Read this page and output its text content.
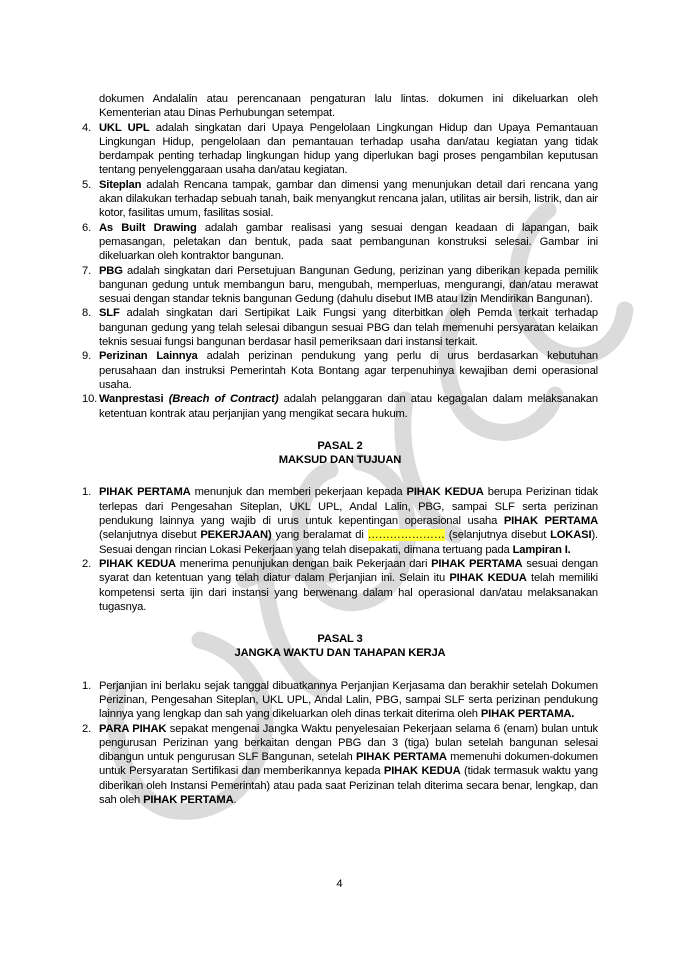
dokumen Andalalin atau perencanaan pengaturan lalu lintas. dokumen ini dikeluarkan oleh Kementerian atau Dinas Perhubungan setempat.
4. UKL UPL adalah singkatan dari Upaya Pengelolaan Lingkungan Hidup dan Upaya Pemantauan Lingkungan Hidup, pengelolaan dan pemantauan terhadap usaha dan/atau kegiatan yang tidak berdampak penting terhadap lingkungan hidup yang diperlukan bagi proses pengambilan keputusan tentang penyelenggaraan usaha dan/atau kegiatan.
5. Siteplan adalah Rencana tampak, gambar dan dimensi yang menunjukan detail dari rencana yang akan dilakukan terhadap sebuah tanah, baik menyangkut rencana jalan, utilitas air bersih, listrik, dan air kotor, fasilitas umum, fasilitas sosial.
6. As Built Drawing adalah gambar realisasi yang sesuai dengan keadaan di lapangan, baik pemasangan, peletakan dan bentuk, pada saat pembangunan konstruksi selesai. Gambar ini dikeluarkan oleh kontraktor bangunan.
7. PBG adalah singkatan dari Persetujuan Bangunan Gedung, perizinan yang diberikan kepada pemilik bangunan gedung untuk membangun baru, mengubah, memperluas, mengurangi, dan/atau merawat sesuai dengan standar teknis bangunan Gedung (dahulu disebut IMB atau Izin Mendirikan Bangunan).
8. SLF adalah singkatan dari Sertipikat Laik Fungsi yang diterbitkan oleh Pemda terkait terhadap bangunan gedung yang telah selesai dibangun sesuai PBG dan telah memenuhi persyaratan kelaikan teknis sesuai fungsi bangunan berdasar hasil pemeriksaan dari instansi terkait.
9. Perizinan Lainnya adalah perizinan pendukung yang perlu di urus berdasarkan kebutuhan perusahaan dan instruksi Pemerintah Kota Bontang agar terpenuhinya kewajiban demi operasional usaha.
10. Wanprestasi (Breach of Contract) adalah pelanggaran dan atau kegagalan dalam melaksanakan ketentuan kontrak atau perjanjian yang mengikat secara hukum.
PASAL 2
MAKSUD DAN TUJUAN
1. PIHAK PERTAMA menunjuk dan memberi pekerjaan kepada PIHAK KEDUA berupa Perizinan tidak terlepas dari Pengesahan Siteplan, UKL UPL, Andal Lalin, PBG, sampai SLF serta perizinan pendukung lainnya yang wajib di urus untuk kepentingan operasional usaha PIHAK PERTAMA (selanjutnya disebut PEKERJAAN) yang beralamat di ………………… (selanjutnya disebut LOKASI). Sesuai dengan rincian Lokasi Pekerjaan yang telah disepakati, dimana tertuang pada Lampiran I.
2. PIHAK KEDUA menerima penunjukan dengan baik Pekerjaan dari PIHAK PERTAMA sesuai dengan syarat dan ketentuan yang telah diatur dalam Perjanjian ini. Selain itu PIHAK KEDUA telah memiliki kompetensi serta ijin dari instansi yang berwenang dalam hal operasional dan/atau melaksanakan tugasnya.
PASAL 3
JANGKA WAKTU DAN TAHAPAN KERJA
1. Perjanjian ini berlaku sejak tanggal dibuatkannya Perjanjian Kerjasama dan berakhir setelah Dokumen Perizinan, Pengesahan Siteplan, UKL UPL, Andal Lalin, PBG, sampai SLF serta perizinan pendukung lainnya yang lengkap dan sah yang dikeluarkan oleh dinas terkait diterima oleh PIHAK PERTAMA.
2. PARA PIHAK sepakat mengenai Jangka Waktu penyelesaian Pekerjaan selama 6 (enam) bulan untuk pengurusan Perizinan yang berkaitan dengan PBG dan 3 (tiga) bulan setelah bangunan selesai dibangun untuk pengurusan SLF Bangunan, setelah PIHAK PERTAMA memenuhi dokumen-dokumen untuk Persyaratan Sertifikasi dan memberikannya kepada PIHAK KEDUA (tidak termasuk waktu yang diberikan oleh Instansi Pemerintah) atau pada saat Perizinan telah diterima secara benar, lengkap, dan sah oleh PIHAK PERTAMA.
4
